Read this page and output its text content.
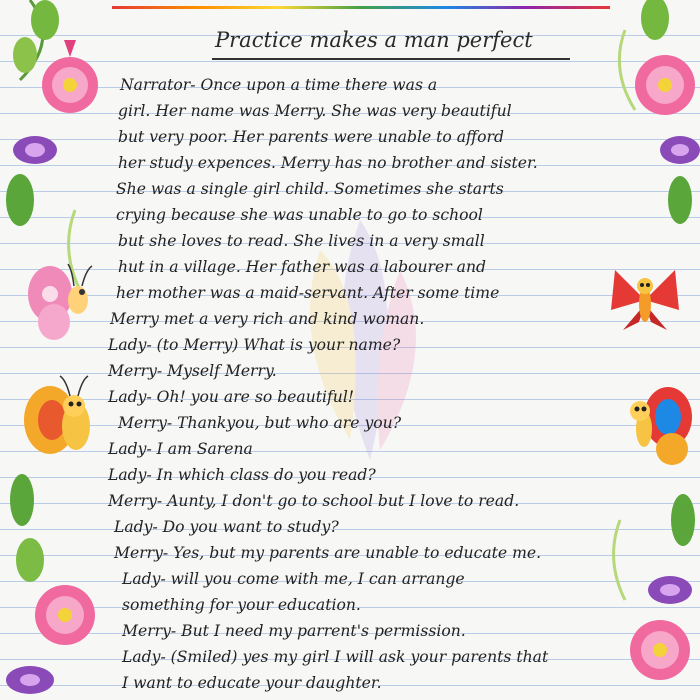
Practice makes a man perfect
Narrator- Once upon a time there was a
girl. Her name was Merry. She was very beautiful
but very poor. Her parents were unable to afford
her study expences. Merry has no brother and sister.
She was a single girl child. Sometimes she starts
crying because she was unable to go to school
but she loves to read. She lives in a very small
hut in a village. Her father was a labourer and
her mother was a maid-servant. After some time
Merry met a very rich and kind woman.
Lady- (to Merry) What is your name?
Merry- Myself Merry.
Lady- Oh! you are so beautiful!
Merry- Thankyou, but who are you?
Lady- I am Sarena
Lady- In which class do you read?
Merry- Aunty, I don't go to school but I love to read.
Lady- Do you want to study?
Merry- Yes, but my parents are unable to educate me.
Lady- will you come with me, I can arrange
something for your education.
Merry- But I need my parrent's permission.
Lady- (Smiled) yes my girl I will ask your parents that
I want to educate your daughter.
